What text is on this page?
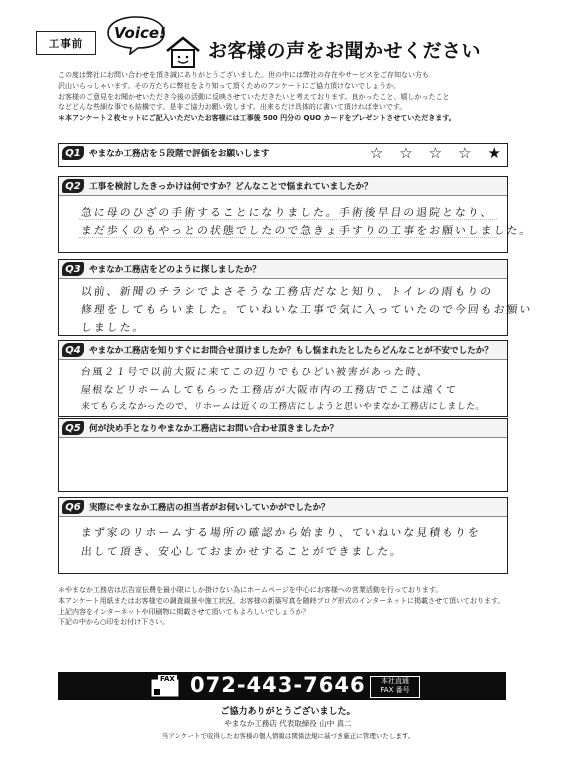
工事前
Voice!
お客様の声をお聞かせください

この度は弊社にお問い合わせを頂き誠にありがとうございました。世の中には弊社の存在やサービスをご存知ない方も

沢山いらっしゃいます。その方たちに弊社をより知って頂くためのアンケートにご協力頂けないでしょうか。

お客様のご意見をお聞かせいただき今後の活動に反映させていただきたいと考えております。良かったこと、嬉しかったこと

などどんな些細な事でも結構です。是非ご協力お願い致します。出来るだけ具体的に書いて頂ければ幸いです。

＊本アンケート２枚セットにご記入いただいたお客様には工事後 500 円分の QUO カードをプレゼントさせていただきます。

Q1 やまなか工務店を５段階で評価をお願いします	☆ ☆ ☆ ☆ ★
Q2 工事を検討したきっかけは何ですか？どんなことで悩まれていましたか？
急に母のひざの手術することになりました。手術後早目の退院となり、
まだ歩くのもやっとの状態でしたので急きょ手すりの工事をお願いしました。
Q3 やまなか工務店をどのように探しましたか？
以前、新聞のチラシでよさそうな工務店だなと知り、トイレの雨もりの
修理をしてもらいました。ていねいな工事で気に入っていたので今回もお願い
しました。
Q4 やまなか工務店を知りすぐにお問合せ頂けましたか？もし悩まれたとしたらどんなことが不安でしたか？
台風２１号で以前大阪に来てこの辺りでもひどい被害があった時、
屋根などリホームしてもらった工務店が大阪市内の工務店でここは遠くて
来てもらえなかったので、リホームは近くの工務店にしようと思いやまなか工務店にしました。
Q5 何が決め手となりやまなか工務店にお問い合わせ頂きましたか？
Q6 実際にやまなか工務店の担当者がお伺いしていかがでしたか？
まず家のリホームする場所の確認から始まり、ていねいな見積もりを
出して頂き、安心しておまかせすることができました。

＊やまなか工務店は広告宣伝費を最小限にしか掛けない為にホームページを中心にお客様への営業活動を行っております。

本アンケート用紙またはお客様宅の調査風景や施工状況、お客様の新築写真を随時ブログ形式のインターネットに掲載させて頂いております。

上記内容をインターネットや印刷物に掲載させて頂いてもよろしいでしょうか？

下記の中から○印をお付け下さい。

FAX 072-443-7646	本社直通
FAX 番号
ご協力ありがとうございました。
やまなか工務店 代表取締役 山中 真二
当アンケートで収得したお客様の個人情報は関係法規に基づき厳正に管理いたします。
